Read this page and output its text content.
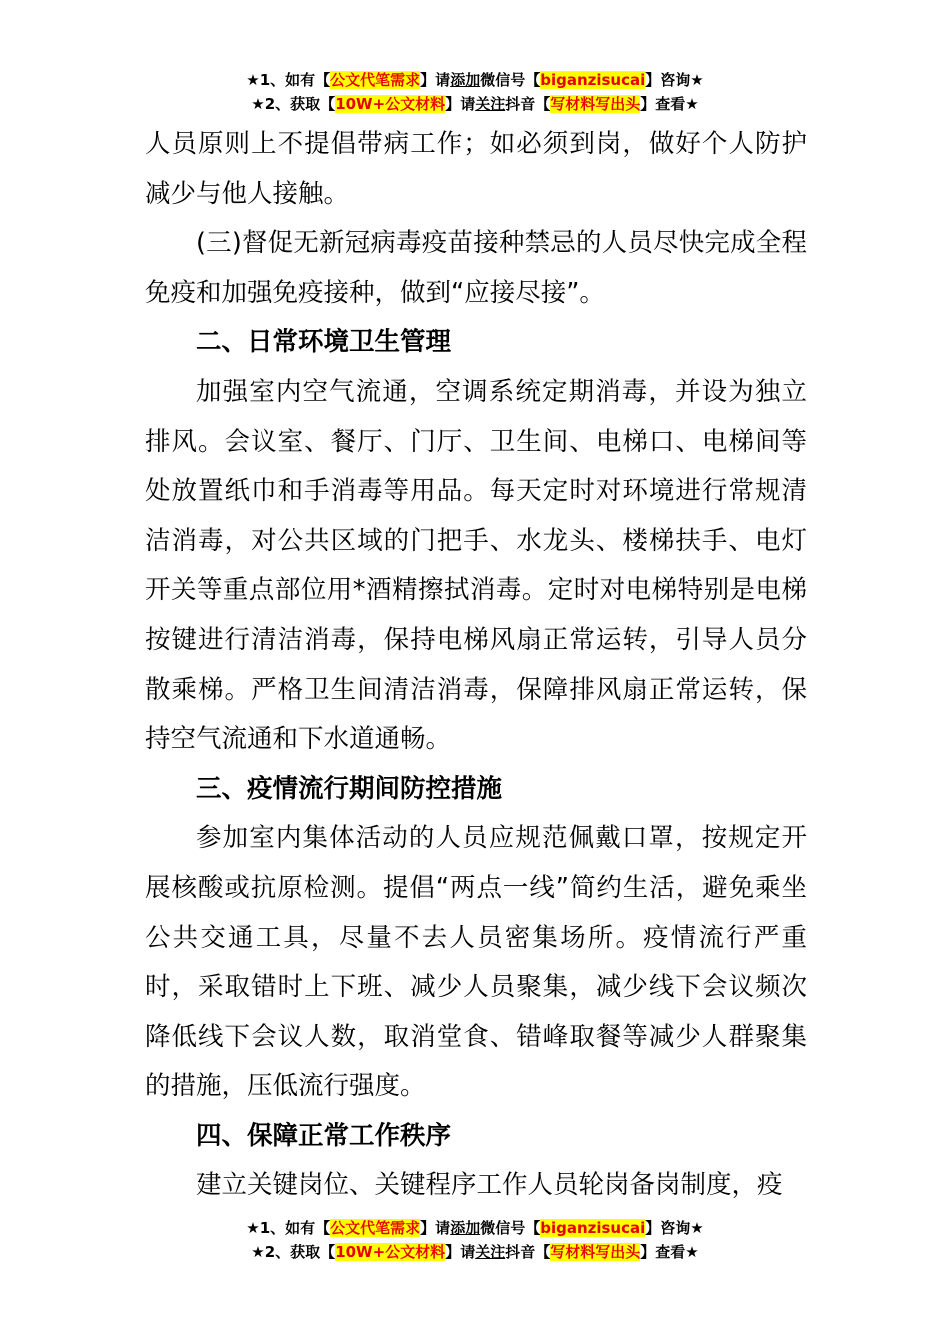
★1、如有【公文代笔需求】请添加微信号【biganzisucai】咨询★
★2、获取【10W+公文材料】请关注抖音【写材料写出头】查看★

人员原则上不提倡带病工作；如必须到岗，做好个人防护减少与他人接触。

(三)督促无新冠病毒疫苗接种禁忌的人员尽快完成全程免疫和加强免疫接种，做到“应接尽接”。

二、日常环境卫生管理

加强室内空气流通，空调系统定期消毒，并设为独立排风。会议室、餐厅、门厅、卫生间、电梯口、电梯间等处放置纸巾和手消毒等用品。每天定时对环境进行常规清洁消毒，对公共区域的门把手、水龙头、楼梯扶手、电灯开关等重点部位用*酒精擦拭消毒。定时对电梯特别是电梯按键进行清洁消毒，保持电梯风扇正常运转，引导人员分散乘梯。严格卫生间清洁消毒，保障排风扇正常运转，保持空气流通和下水道通畅。

三、疫情流行期间防控措施

参加室内集体活动的人员应规范佩戴口罩，按规定开展核酸或抗原检测。提倡“两点一线”简约生活，避免乘坐公共交通工具，尽量不去人员密集场所。疫情流行严重时，采取错时上下班、减少人员聚集，减少线下会议频次降低线下会议人数，取消堂食、错峰取餐等减少人群聚集的措施，压低流行强度。

四、保障正常工作秩序

建立关键岗位、关键程序工作人员轮岗备岗制度，疫

★1、如有【公文代笔需求】请添加微信号【biganzisucai】咨询★
★2、获取【10W+公文材料】请关注抖音【写材料写出头】查看★
